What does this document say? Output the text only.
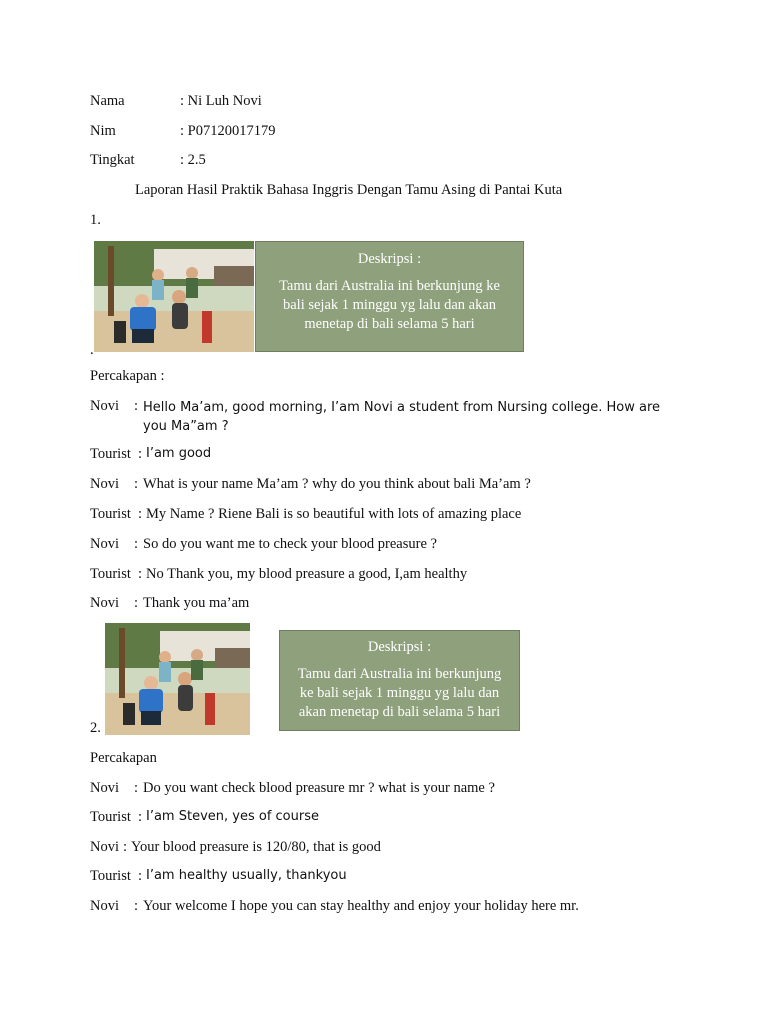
Nama	: Ni Luh Novi
Nim	: P07120017179
Tingkat	: 2.5
Laporan Hasil Praktik Bahasa Inggris Dengan Tamu Asing di Pantai Kuta
1.
Deskripsi :
Tamu dari Australia ini berkunjung ke
bali sejak 1 minggu yg lalu dan akan
menetap di bali selama 5 hari
.
Percakapan :
Novi : Hello Ma’am, good morning, I’am Novi a student from Nursing college. How are you Ma”am ?
Tourist : I’am good
Novi : What is your name Ma’am ? why do you think about bali Ma’am ?
Tourist : My Name ? Riene Bali is so beautiful with lots of amazing place
Novi : So do you want me to check your blood preasure ?
Tourist : No Thank you, my blood preasure a good, I,am healthy
Novi : Thank you ma’am
2.
Deskripsi :
Tamu dari Australia ini berkunjung
ke bali sejak 1 minggu yg lalu dan
akan menetap di bali selama 5 hari
Percakapan
Novi : Do you want check blood preasure mr ? what is your name ?
Tourist : I’am Steven, yes of course
Novi : Your blood preasure is 120/80, that is good
Tourist : I’am healthy usually, thankyou
Novi : Your welcome I hope you can stay healthy and enjoy your holiday here mr.
